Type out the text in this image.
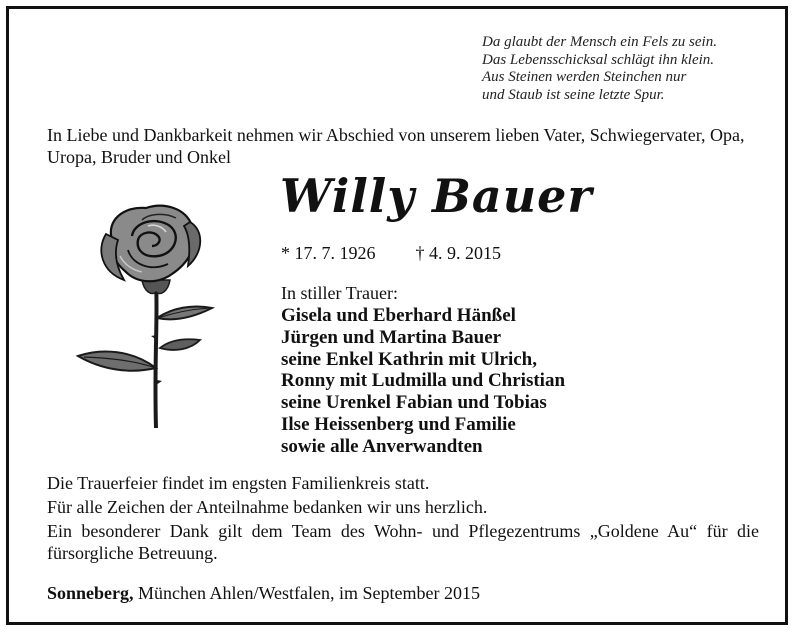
Da glaubt der Mensch ein Fels zu sein.
Das Lebensschicksal schlägt ihn klein.
Aus Steinen werden Steinchen nur
und Staub ist seine letzte Spur.
In Liebe und Dankbarkeit nehmen wir Abschied von unserem lieben Vater, Schwiegervater, Opa, Uropa, Bruder und Onkel
Willy Bauer
* 17. 7. 1926 † 4. 9. 2015
In stiller Trauer:
Gisela und Eberhard Hänßel
Jürgen und Martina Bauer
seine Enkel Kathrin mit Ulrich,
Ronny mit Ludmilla und Christian
seine Urenkel Fabian und Tobias
Ilse Heissenberg und Familie
sowie alle Anverwandten
Die Trauerfeier findet im engsten Familienkreis statt.
Für alle Zeichen der Anteilnahme bedanken wir uns herzlich.
Ein besonderer Dank gilt dem Team des Wohn- und Pflegezentrums „Goldene Au“ für die fürsorgliche Betreuung.
Sonneberg, München Ahlen/Westfalen, im September 2015
